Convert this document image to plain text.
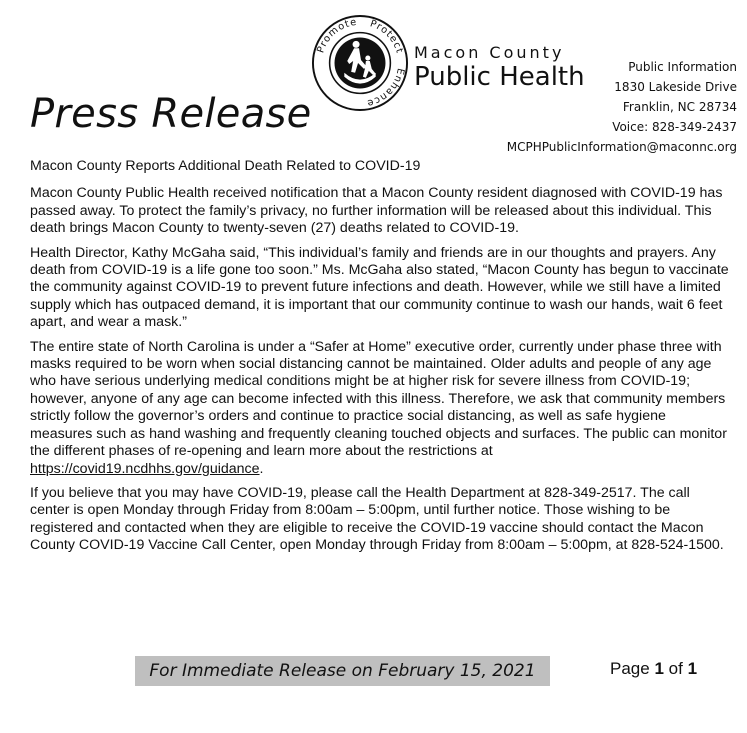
Press Release
Protect
Promote
Enhance
Macon County
Public Health	Public Information
1830 Lakeside Drive
Franklin, NC 28734
Voice: 828-349-2437
MCPHPublicInformation@maconnc.org

Macon County Reports Additional Death Related to COVID-19

Macon County Public Health received notification that a Macon County resident diagnosed with COVID-19 has passed away. To protect the family’s privacy, no further information will be released about this individual. This death brings Macon County to twenty-seven (27) deaths related to COVID-19.

Health Director, Kathy McGaha said, “This individual’s family and friends are in our thoughts and prayers. Any death from COVID-19 is a life gone too soon.” Ms. McGaha also stated, “Macon County has begun to vaccinate the community against COVID-19 to prevent future infections and death. However, while we still have a limited supply which has outpaced demand, it is important that our community continue to wash our hands, wait 6 feet apart, and wear a mask.”

The entire state of North Carolina is under a “Safer at Home” executive order, currently under phase three with masks required to be worn when social distancing cannot be maintained. Older adults and people of any age who have serious underlying medical conditions might be at higher risk for severe illness from COVID-19; however, anyone of any age can become infected with this illness. Therefore, we ask that community members strictly follow the governor’s orders and continue to practice social distancing, as well as safe hygiene measures such as hand washing and frequently cleaning touched objects and surfaces. The public can monitor the different phases of re-opening and learn more about the restrictions at https://covid19.ncdhhs.gov/guidance.

If you believe that you may have COVID-19, please call the Health Department at 828-349-2517. The call center is open Monday through Friday from 8:00am – 5:00pm, until further notice. Those wishing to be registered and contacted when they are eligible to receive the COVID-19 vaccine should contact the Macon County COVID-19 Vaccine Call Center, open Monday through Friday from 8:00am – 5:00pm, at 828-524-1500.

For Immediate Release on February 15, 2021	Page 1 of 1
